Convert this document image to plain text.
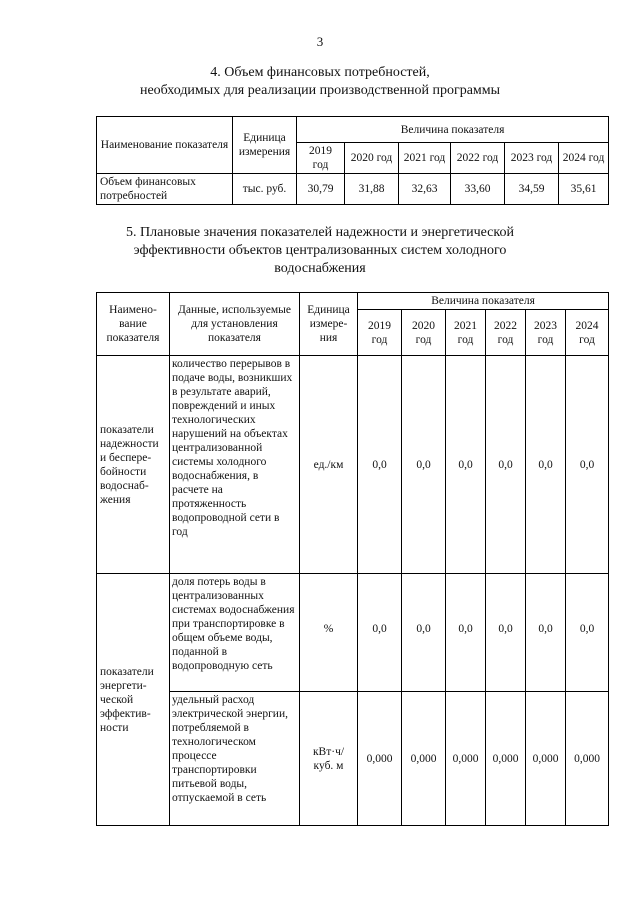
3
4. Объем финансовых потребностей,
необходимых для реализации производственной программы
Наименование показателя	Единица измерения	Величина показателя					
		2019 год	2020 год	2021 год	2022 год	2023 год	2024 год
Объем финансовых потребностей	тыс. руб.	30,79	31,88	32,63	33,60	34,59	35,61
5. Плановые значения показателей надежности и энергетической
эффективности объектов централизованных систем холодного
водоснабжения
Наимено-вание показателя	Данные, используемые для установления показателя	Единица измере-ния	Величина показателя					
			2019 год	2020 год	2021 год	2022 год	2023 год	2024 год
показатели надежности и беспере-бойности водоснаб-жения	количество перерывов в подаче воды, возникших в результате аварий, повреждений и иных технологических нарушений на объектах централизованной системы холодного водоснабжения, в расчете на протяженность водопроводной сети в год	ед./км	0,0	0,0	0,0	0,0	0,0	0,0
показатели энергети-ческой эффектив-ности	доля потерь воды в централизованных системах водоснабжения при транспортировке в общем объеме воды, поданной в водопроводную сеть	%	0,0	0,0	0,0	0,0	0,0	0,0
	удельный расход электрической энергии, потребляемой в технологическом процессе транспортировки питьевой воды, отпускаемой в сеть	кВт·ч/ куб. м	0,000	0,000	0,000	0,000	0,000	0,000
